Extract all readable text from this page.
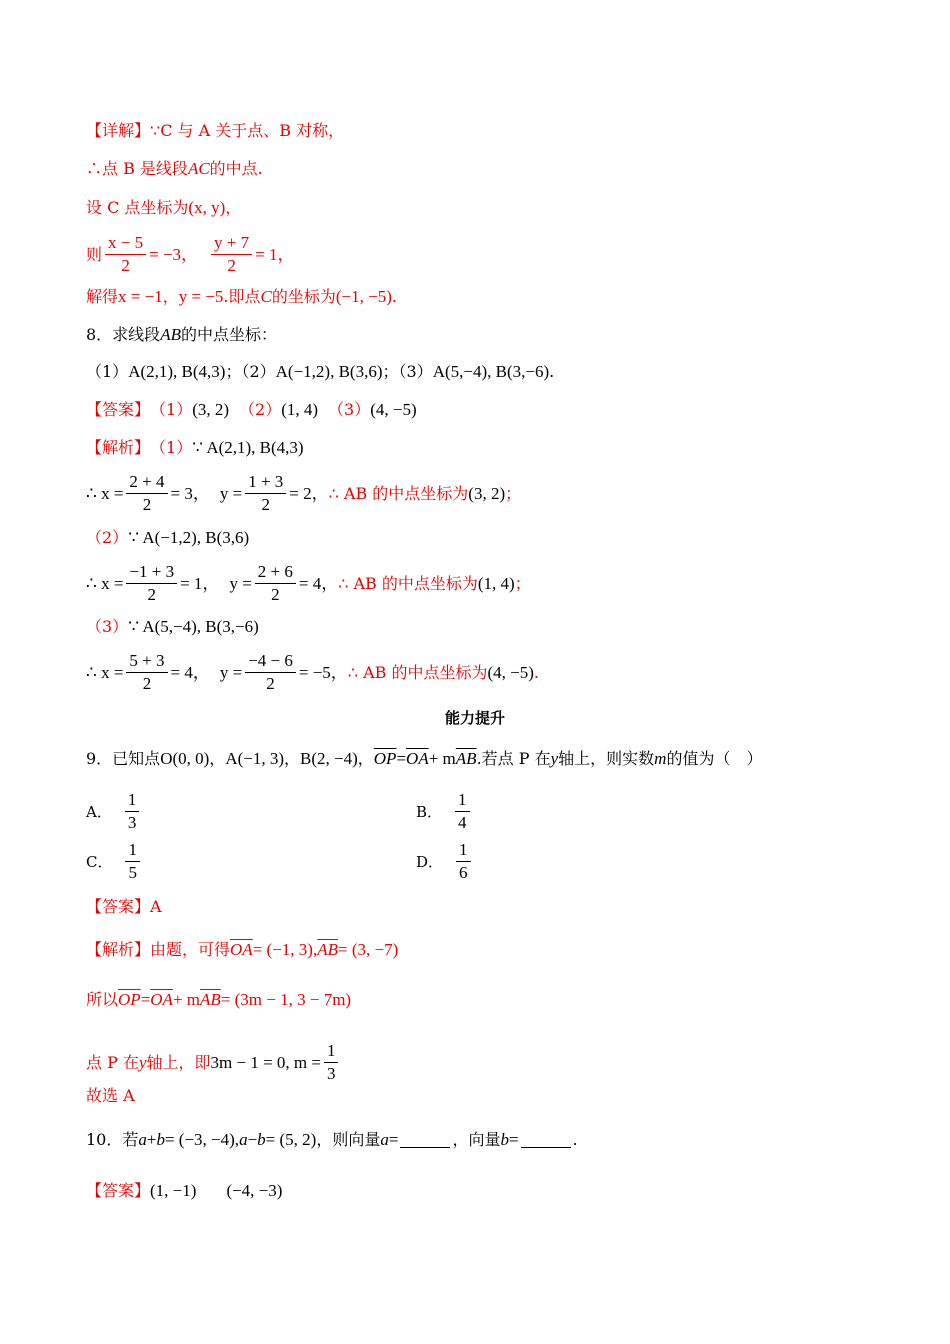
【详解】 ∵C 与 A 关于点、B 对称，
∴点 B 是线段 AC 的中点.
设 C 点坐标为 (x, y) ，
则 $\frac{x - 5}{2} = -3$， $\frac{y + 7}{2} = 1$，
解得 x = −1 ， y = −5 .即点 C 的坐标为 (−1, −5) .
8．求线段 AB 的中点坐标：
（1） A(2,1), B(4,3) ；（2） A(−1,2), B(3,6) ；（3） A(5,−4), B(3,−6) .
【答案】 （1） (3, 2) （2） (1, 4) （3） (4, −5)
【解析】 （1） ∵ A(2,1), B(4,3)
∴ $x = \frac{2 + 4}{2} = 3$， $y = \frac{1 + 3}{2} = 2$， ∴ AB 的中点坐标为 (3, 2) ；
（2） ∵ A(−1,2), B(3,6)
∴ $x = \frac{-1 + 3}{2} = 1$， $y = \frac{2 + 6}{2} = 4$， ∴ AB 的中点坐标为 (1, 4) ；
（3） ∵ A(5,−4), B(3,−6)
∴ $x = \frac{5 + 3}{2} = 4$， $y = \frac{-4 - 6}{2} = -5$， ∴ AB 的中点坐标为 (4, −5) .
能力提升
9．已知点 O(0, 0) ， A(−1, 3) ， B(2, −4) ， $\overline{OP} = \overline{OA} + m$ $\overline{AB}$ .若点 P 在 y 轴上，则实数 m 的值为（　）
A． $\frac{1}{3}$	B． $\frac{1}{4}$
C． $\frac{1}{5}$	D． $\frac{1}{6}$
【答案】 A
【解析】 由题，可得 $\overline{OA} = (-1$, 3), $\overline{AB} = (3$, −7)
所以 $\overline{OP} = \overline{OA} + m$ $\overline{AB} = (3m - 1$, 3 − 7m)
点 P 在 y 轴上，即 3m − 1 = 0, $m = \frac{1}{3}$
故选 A
10．若 a + b = (−3, −4), a − b = (5, 2) ，则向量 a =	，向量 b =	.
【答案】 (1, −1) (−4, −3)
